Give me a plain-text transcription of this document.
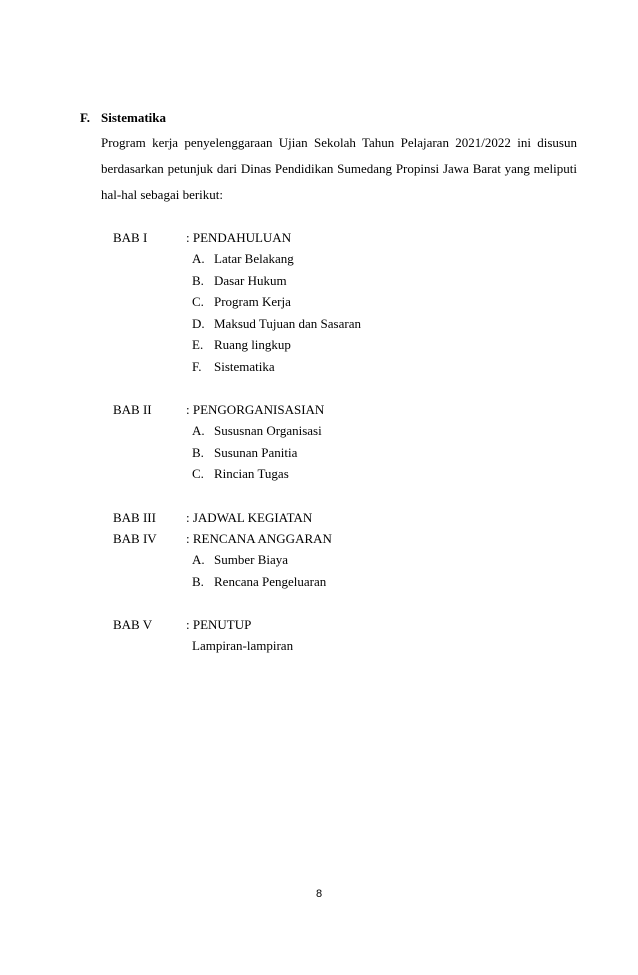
F. Sistematika
Program kerja penyelenggaraan Ujian Sekolah Tahun Pelajaran 2021/2022 ini disusun
berdasarkan petunjuk dari Dinas Pendidikan Sumedang Propinsi Jawa Barat yang meliputi
hal-hal sebagai berikut:
BAB I	: PENDAHULUAN
A. Latar Belakang
B. Dasar Hukum
C. Program Kerja
D. Maksud Tujuan dan Sasaran
E. Ruang lingkup
F. Sistematika
BAB II	: PENGORGANISASIAN
A. Sususnan Organisasi
B. Susunan Panitia
C. Rincian Tugas
BAB III : JADWAL KEGIATAN
BAB IV : RENCANA ANGGARAN
A. Sumber Biaya
B. Rencana Pengeluaran
BAB V	: PENUTUP
Lampiran-lampiran
8
